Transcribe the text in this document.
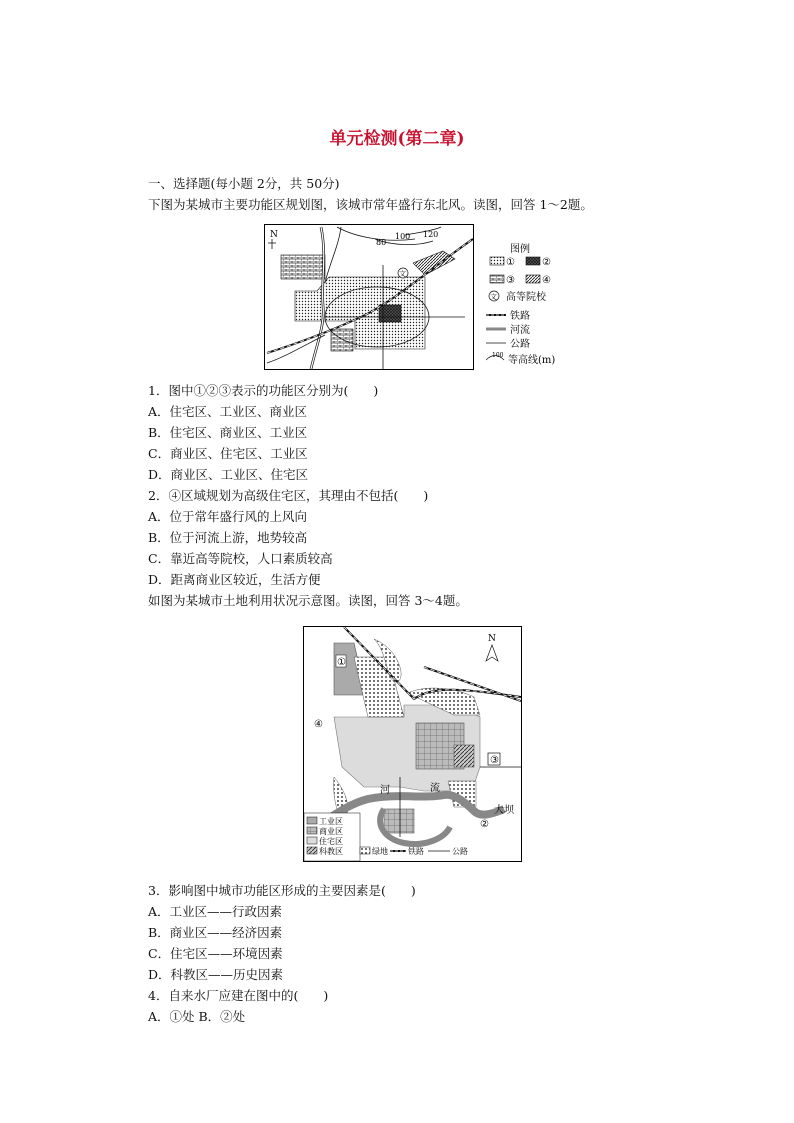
单元检测(第二章)
一、选择题(每小题 2分，共 50分)
下图为某城市主要功能区规划图，该城市常年盛行东北风。读图，回答 1～2题。
N
80
100 120
文
图例
①	②
③	④
文 高等院校
铁路
河流
公路
100 等高线(m)
1．图中①②③表示的功能区分别为(　　)
A．住宅区、工业区、商业区
B．住宅区、商业区、工业区
C．商业区、住宅区、工业区
D．商业区、工业区、住宅区
2．④区域规划为高级住宅区，其理由不包括(　　)
A．位于常年盛行风的上风向
B．位于河流上游，地势较高
C．靠近高等院校，人口素质较高
D．距离商业区较近，生活方便
如图为某城市土地利用状况示意图。读图，回答 3～4题。
①
④
③
②
河	流
大坝
N
工业区
商业区
住宅区
科教区	绿地	铁路	公路
3．影响图中城市功能区形成的主要因素是(　　)
A．工业区——行政因素
B．商业区——经济因素
C．住宅区——环境因素
D．科教区——历史因素
4．自来水厂应建在图中的(　　)
A．①处 B．②处
